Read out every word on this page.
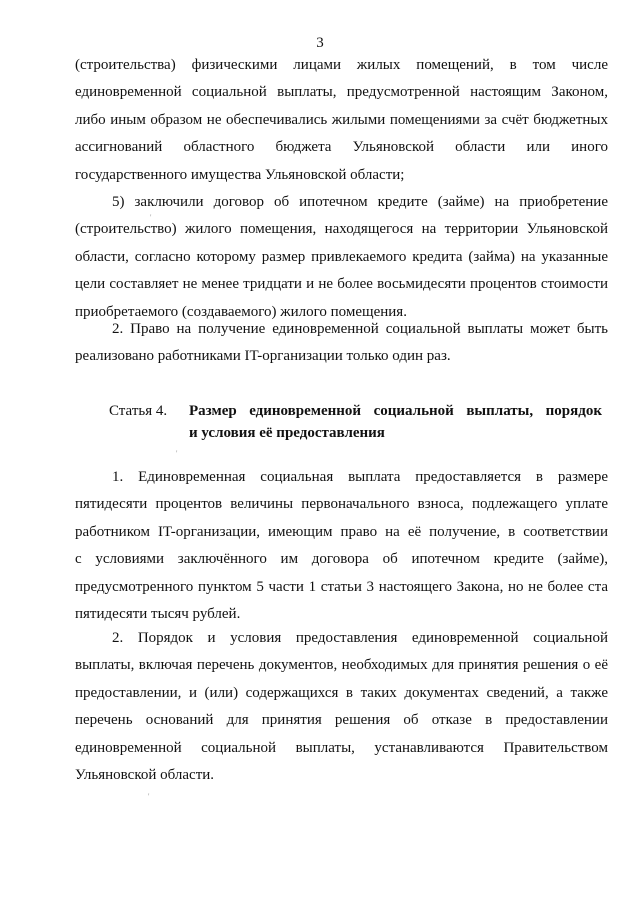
3
(строительства) физическими лицами жилых помещений, в том числе
единовременной социальной выплаты, предусмотренной настоящим Законом,
либо иным образом не обеспечивались жилыми помещениями за счёт бюджетных
ассигнований областного бюджета Ульяновской области или иного
государственного имущества Ульяновской области;
5) заключили договор об ипотечном кредите (займе) на приобретение
(строительство) жилого помещения, находящегося на территории Ульяновской
области, согласно которому размер привлекаемого кредита (займа) на указанные
цели составляет не менее тридцати и не более восьмидесяти процентов стоимости
приобретаемого (создаваемого) жилого помещения.
2. Право на получение единовременной социальной выплаты может быть
реализовано работниками IT-организации только один раз.
Статья 4. Размер единовременной социальной выплаты, порядок
и условия её предоставления
1. Единовременная социальная выплата предоставляется в размере
пятидесяти процентов величины первоначального взноса, подлежащего уплате
работником IT-организации, имеющим право на её получение, в соответствии
с условиями заключённого им договора об ипотечном кредите (займе),
предусмотренного пунктом 5 части 1 статьи 3 настоящего Закона, но не более ста
пятидесяти тысяч рублей.
2. Порядок и условия предоставления единовременной социальной
выплаты, включая перечень документов, необходимых для принятия решения о её
предоставлении, и (или) содержащихся в таких документах сведений, а также
перечень оснований для принятия решения об отказе в предоставлении
единовременной социальной выплаты, устанавливаются Правительством
Ульяновской области.
'
'
'
